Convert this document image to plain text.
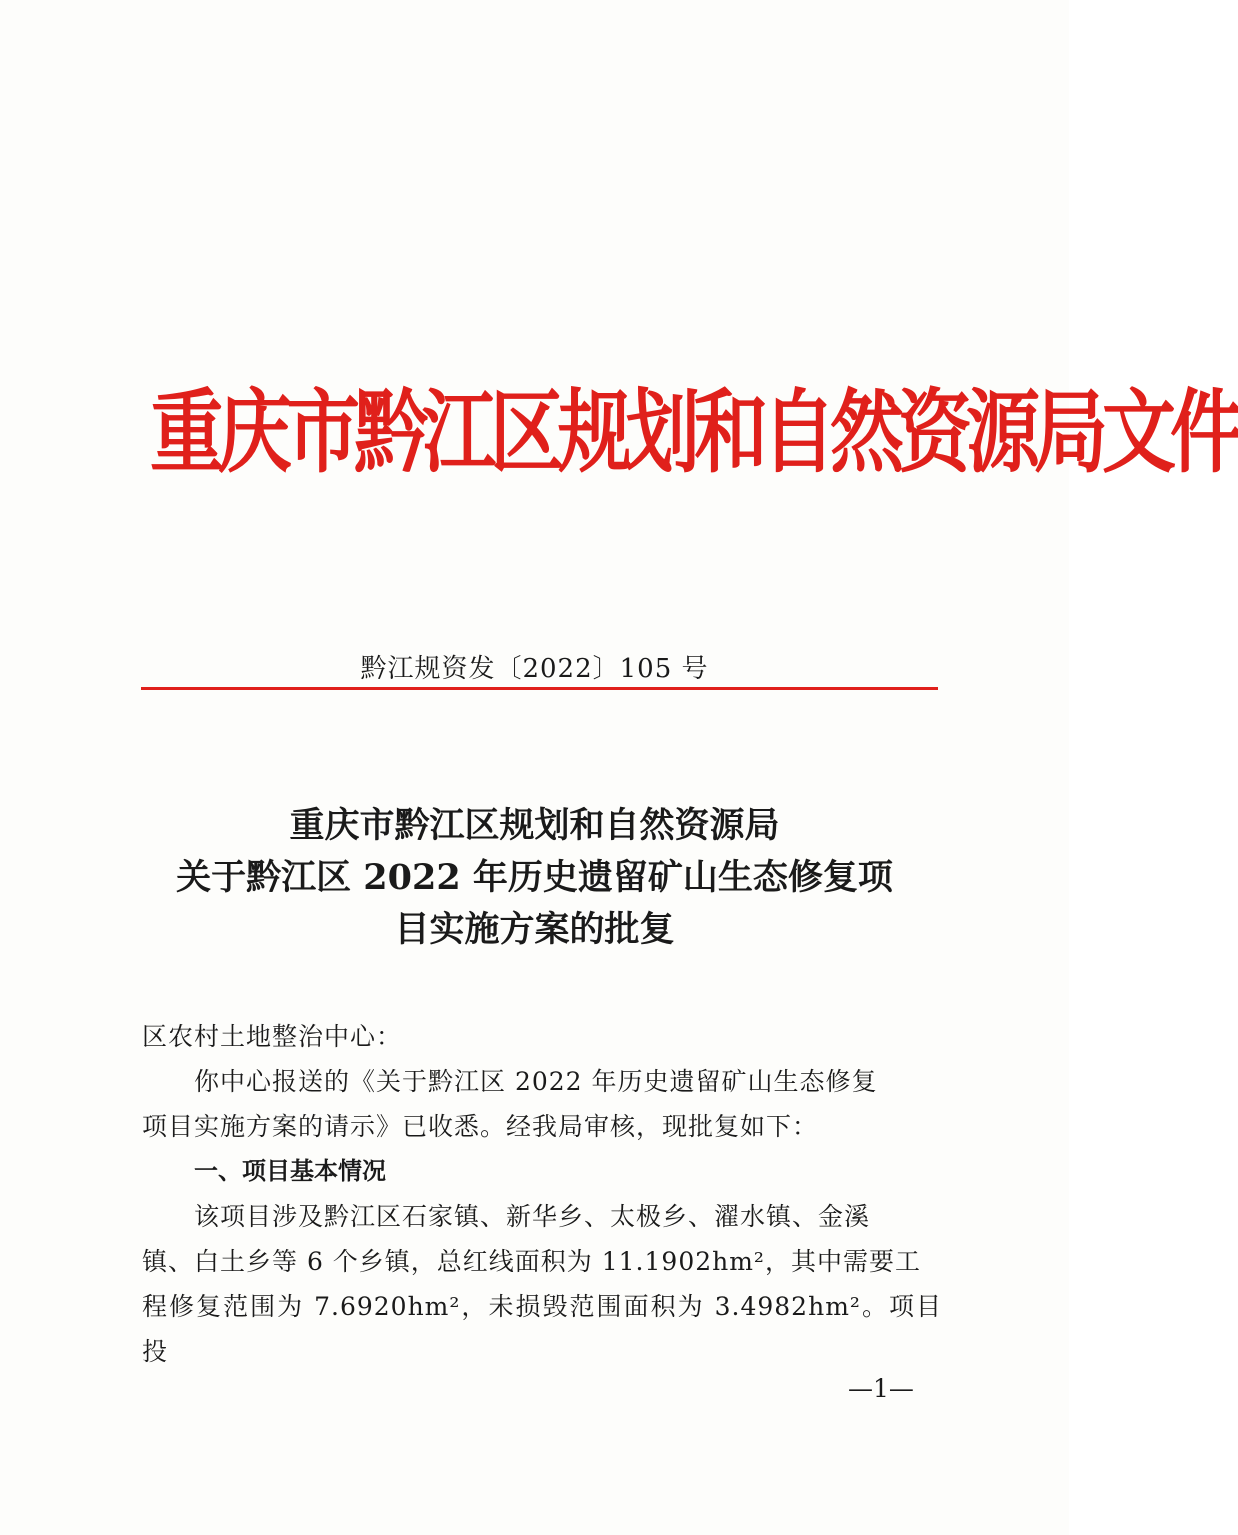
重庆市黔江区规划和自然资源局文件
黔江规资发〔2022〕105 号
重庆市黔江区规划和自然资源局
关于黔江区 2022 年历史遗留矿山生态修复项
目实施方案的批复

区农村土地整治中心：

你中心报送的《关于黔江区 2022 年历史遗留矿山生态修复

项目实施方案的请示》已收悉。经我局审核，现批复如下：

一、项目基本情况

该项目涉及黔江区石家镇、新华乡、太极乡、濯水镇、金溪

镇、白土乡等 6 个乡镇，总红线面积为 11.1902hm²，其中需要工

程修复范围为 7.6920hm²，未损毁范围面积为 3.4982hm²。项目投

—1—
